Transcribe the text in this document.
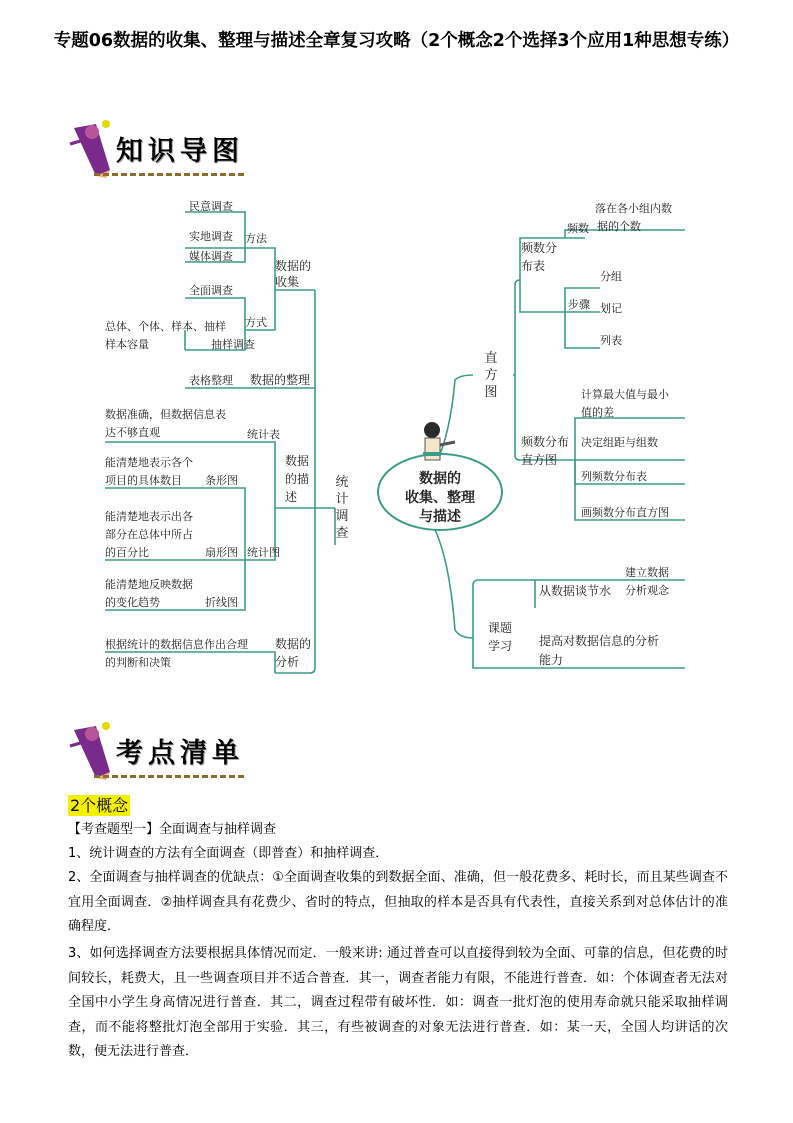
专题06数据的收集、整理与描述全章复习攻略（2个概念2个选择3个应用1种思想专练）
知识导图
数据的
收集、整理
与描述
统
计
调
查
数据的
收集
方法
民意调查
实地调查
媒体调查
方式
全面调查
总体、个体、样本、抽样
样本容量	抽样调查
数据的整理
表格整理
数据
的描
述
统计表
数据准确，但数据信息表
达不够直观
统计图
条形图
能清楚地表示各个
项目的具体数目
扇形图
能清楚地表示出各
部分在总体中所占
的百分比
折线图
能清楚地反映数据
的变化趋势
数据的
分析
根据统计的数据信息作出合理
的判断和决策
直
方
图
频数分
布表
频数
落在各小组内数
据的个数
步骤
分组
划记
列表
频数分布
直方图
计算最大值与最小
值的差
决定组距与组数
列频数分布表
画频数分布直方图
课题
学习
从数据谈节水
建立数据
分析观念
提高对数据信息的分析
能力
考点清单
2个概念
【考查题型一】全面调查与抽样调查
1、统计调查的方法有全面调查（即普查）和抽样调查．
2、全面调查与抽样调查的优缺点：①全面调查收集的到数据全面、准确，但一般花费多、耗时长，而且某些调查不宜用全面调查．②抽样调查具有花费少、省时的特点，但抽取的样本是否具有代表性，直接关系到对总体估计的准确程度．
3、如何选择调查方法要根据具体情况而定．一般来讲: 通过普查可以直接得到较为全面、可靠的信息，但花费的时间较长，耗费大，且一些调查项目并不适合普查．其一，调查者能力有限，不能进行普查．如：个体调查者无法对全国中小学生身高情况进行普查．其二，调查过程带有破坏性．如：调查一批灯泡的使用寿命就只能采取抽样调查，而不能将整批灯泡全部用于实验．其三，有些被调查的对象无法进行普查．如：某一天，全国人均讲话的次数，便无法进行普查．
